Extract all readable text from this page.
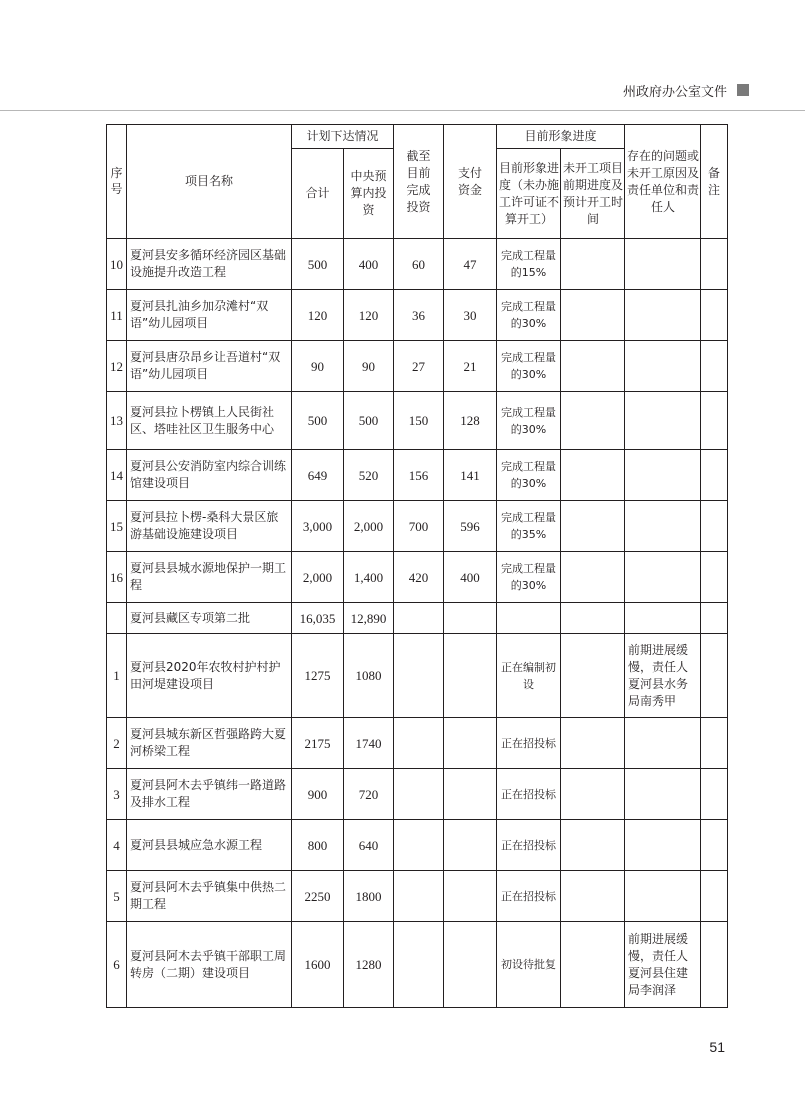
州政府办公室文件
序号	项目名称	计划下达情况		截至目前完成投资	支付资金	目前形象进度		存在的问题或未开工原因及责任单位和责任人	备注
		合计	中央预算内投资			目前形象进度（未办施工许可证不算开工）	未开工项目前期进度及预计开工时间		
10	夏河县安多循环经济园区基础设施提升改造工程	500	400	60	47	完成工程量的15%			
11	夏河县扎油乡加尕滩村“双语”幼儿园项目	120	120	36	30	完成工程量的30%			
12	夏河县唐尕昂乡让吾道村“双语”幼儿园项目	90	90	27	21	完成工程量的30%			
13	夏河县拉卜楞镇上人民街社区、塔哇社区卫生服务中心	500	500	150	128	完成工程量的30%			
14	夏河县公安消防室内综合训练馆建设项目	649	520	156	141	完成工程量的30%			
15	夏河县拉卜楞-桑科大景区旅游基础设施建设项目	3,000	2,000	700	596	完成工程量的35%			
16	夏河县县城水源地保护一期工程	2,000	1,400	420	400	完成工程量的30%			
	夏河县藏区专项第二批	16,035	12,890						
1	夏河县2020年农牧村护村护田河堤建设项目	1275	1080			正在编制初设		前期进展缓慢，责任人夏河县水务局南秀甲	
2	夏河县城东新区哲强路跨大夏河桥梁工程	2175	1740			正在招投标			
3	夏河县阿木去乎镇纬一路道路及排水工程	900	720			正在招投标			
4	夏河县县城应急水源工程	800	640			正在招投标			
5	夏河县阿木去乎镇集中供热二期工程	2250	1800			正在招投标			
6	夏河县阿木去乎镇干部职工周转房（二期）建设项目	1600	1280			初设待批复		前期进展缓慢，责任人夏河县住建局李润泽	
51
